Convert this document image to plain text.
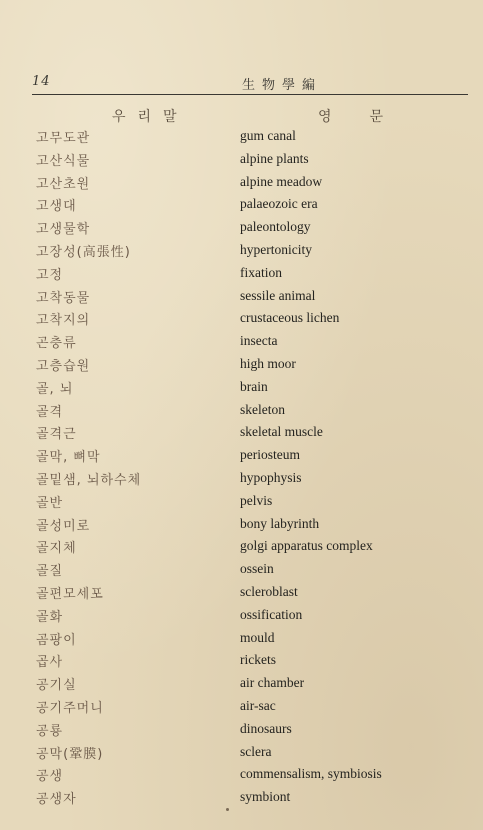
14	生物學編
우리말	영문
고무도관	gum canal
고산식물	alpine plants
고산초원	alpine meadow
고생대	palaeozoic era
고생물학	paleontology
고장성(高張性)	hypertonicity
고정	fixation
고착동물	sessile animal
고착지의	crustaceous lichen
곤충류	insecta
고층습원	high moor
골, 뇌	brain
골격	skeleton
골격근	skeletal muscle
골막, 뼈막	periosteum
골밑샘, 뇌하수체	hypophysis
골반	pelvis
골성미로	bony labyrinth
골지체	golgi apparatus complex
골질	ossein
골편모세포	scleroblast
골화	ossification
곰팡이	mould
곱사	rickets
공기실	air chamber
공기주머니	air-sac
공룡	dinosaurs
공막(鞏膜)	sclera
공생	commensalism, symbiosis
공생자	symbiont
